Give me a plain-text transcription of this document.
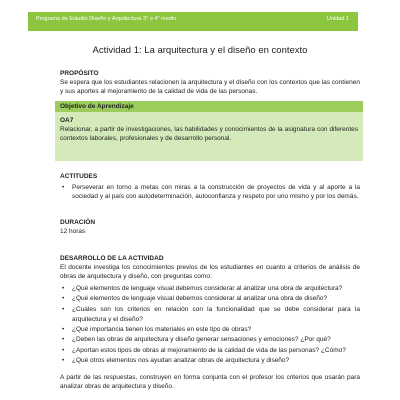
Programa de Estudio Diseño y Arquitectura 3° o 4° medio	Unidad 1
Actividad 1: La arquitectura y el diseño en contexto
PROPÓSITO

Se espera que los estudiantes relacionen la arquitectura y el diseño con los contextos que las contienen y sus aportes al mejoramiento de la calidad de vida de las personas.

Objetivo de Aprendizaje
OA7

Relacionar, a partir de investigaciones, las habilidades y conocimientos de la asignatura con diferentes contextos laborales, profesionales y de desarrollo personal.

ACTITUDES
• Perseverar en torno a metas con miras a la construcción de proyectos de vida y al aporte a la sociedad y al país con autodeterminación, autoconfianza y respeto por uno mismo y por los demás.
DURACIÓN
12 horas
DESARROLLO DE LA ACTIVIDAD

El docente investiga los conocimientos previos de los estudiantes en cuanto a criterios de análisis de obras de arquitectura y diseño, con preguntas como:

• ¿Qué elementos de lenguaje visual debemos considerar al analizar una obra de arquitectura?
• ¿Qué elementos de lenguaje visual debemos considerar al analizar una obra de diseño?
• ¿Cuáles son los criterios en relación con la funcionalidad que se debe considerar para la arquitectura y el diseño?
• ¿Qué importancia tienen los materiales en este tipo de obras?
• ¿Deben las obras de arquitectura y diseño generar sensaciones y emociones? ¿Por qué?
• ¿Aportan estos tipos de obras al mejoramiento de la calidad de vida de las personas? ¿Cómo?
• ¿Qué otros elementos nos ayudan analizar obras de arquitectura y diseño?

A partir de las respuestas, construyen en forma conjunta con el profesor los criterios que usarán para analizar obras de arquitectura y diseño.
